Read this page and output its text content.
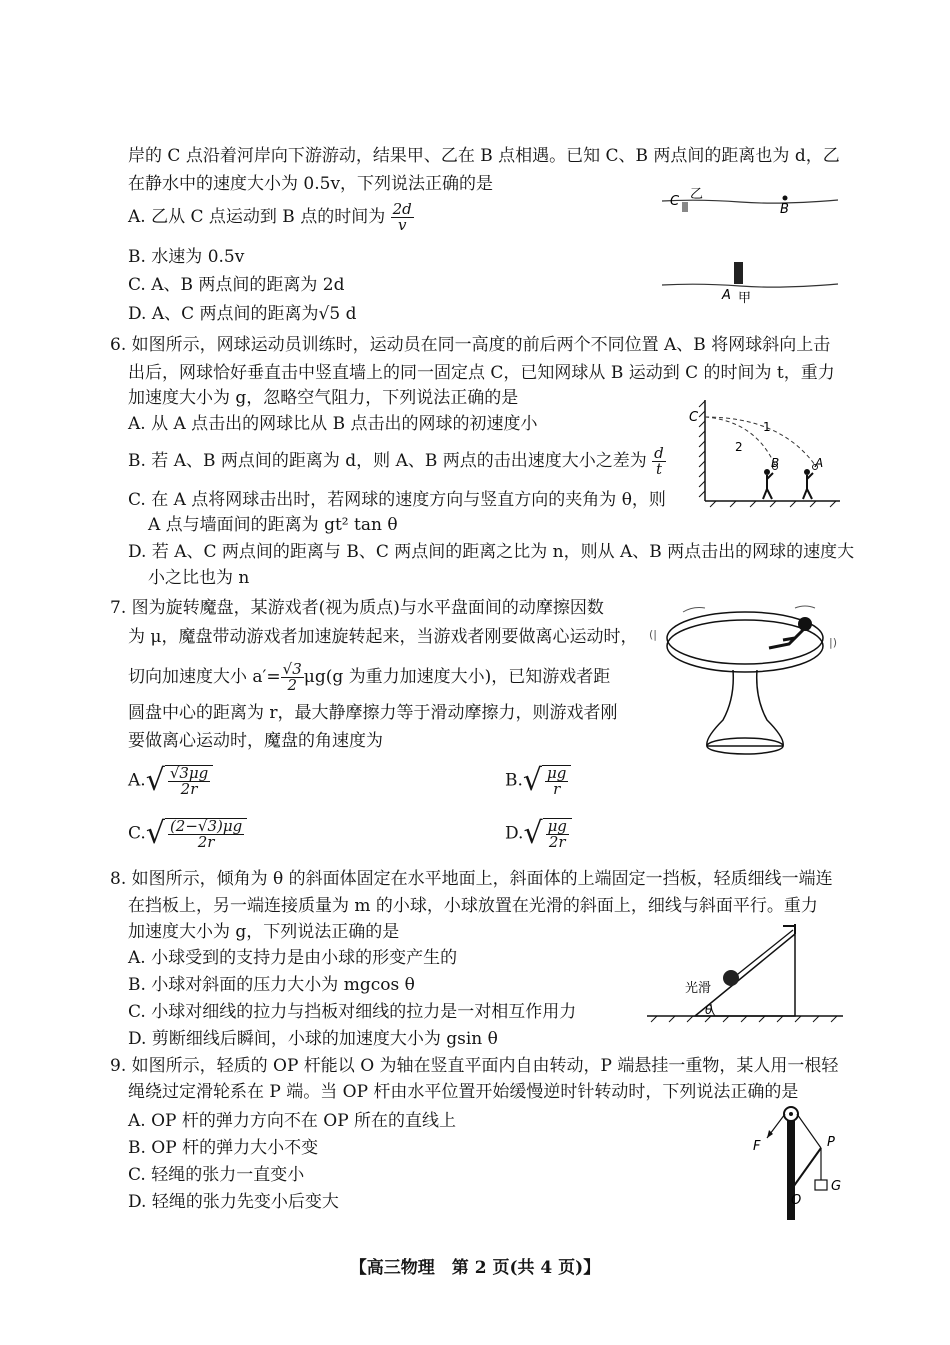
岸的 C 点沿着河岸向下游游动，结果甲、乙在 B 点相遇。已知 C、B 两点间的距离也为 d，乙
在静水中的速度大小为 0.5v，下列说法正确的是
A. 乙从 C 点运动到 B 点的时间为 $\frac{2d}{v}$
B. 水速为 0.5v
C. A、B 两点间的距离为 2d
D. A、C 两点间的距离为√5 d
C 乙
B
A 甲
6. 如图所示，网球运动员训练时，运动员在同一高度的前后两个不同位置 A、B 将网球斜向上击
出后，网球恰好垂直击中竖直墙上的同一固定点 C，已知网球从 B 运动到 C 的时间为 t，重力
加速度大小为 g，忽略空气阻力，下列说法正确的是
A. 从 A 点击出的网球比从 B 点击出的网球的初速度小
B. 若 A、B 两点间的距离为 d，则 A、B 两点的击出速度大小之差为 $\frac{d}{t}$
C. 在 A 点将网球击出时，若网球的速度方向与竖直方向的夹角为 θ，则
A 点与墙面间的距离为 gt² tan θ
D. 若 A、C 两点间的距离与 B、C 两点间的距离之比为 n，则从 A、B 两点击出的网球的速度大
小之比也为 n
C
1
2
B	A
7. 图为旋转魔盘，某游戏者(视为质点)与水平盘面间的动摩擦因数
为 μ，魔盘带动游戏者加速旋转起来，当游戏者刚要做离心运动时，
切向加速度大小 $a'= \frac{√3}{2} \mu g(g$ 为重力加速度大小)，已知游戏者距
圆盘中心的距离为 r，最大静摩擦力等于滑动摩擦力，则游戏者刚
要做离心运动时，魔盘的角速度为
$A.√ \frac{√3\mu g}{2r}$	$B.√ \frac{\mu g}{r}$
$C.√ \frac{(2-√3)\mu g}{2r}$	$D.√ \frac{\mu g}{2r}$
(|
|)
8. 如图所示，倾角为 θ 的斜面体固定在水平地面上，斜面体的上端固定一挡板，轻质细线一端连
在挡板上，另一端连接质量为 m 的小球，小球放置在光滑的斜面上，细线与斜面平行。重力
加速度大小为 g，下列说法正确的是
A. 小球受到的支持力是由小球的形变产生的
B. 小球对斜面的压力大小为 mgcos θ
C. 小球对细线的拉力与挡板对细线的拉力是一对相互作用力
D. 剪断细线后瞬间，小球的加速度大小为 gsin θ
光滑
θ
9. 如图所示，轻质的 OP 杆能以 O 为轴在竖直平面内自由转动，P 端悬挂一重物，某人用一根轻
绳绕过定滑轮系在 P 端。当 OP 杆由水平位置开始缓慢逆时针转动时，下列说法正确的是
A. OP 杆的弹力方向不在 OP 所在的直线上
B. OP 杆的弹力大小不变
C. 轻绳的张力一直变小
D. 轻绳的张力先变小后变大
F	P
O
G
【高三物理　第 2 页(共 4 页)】
